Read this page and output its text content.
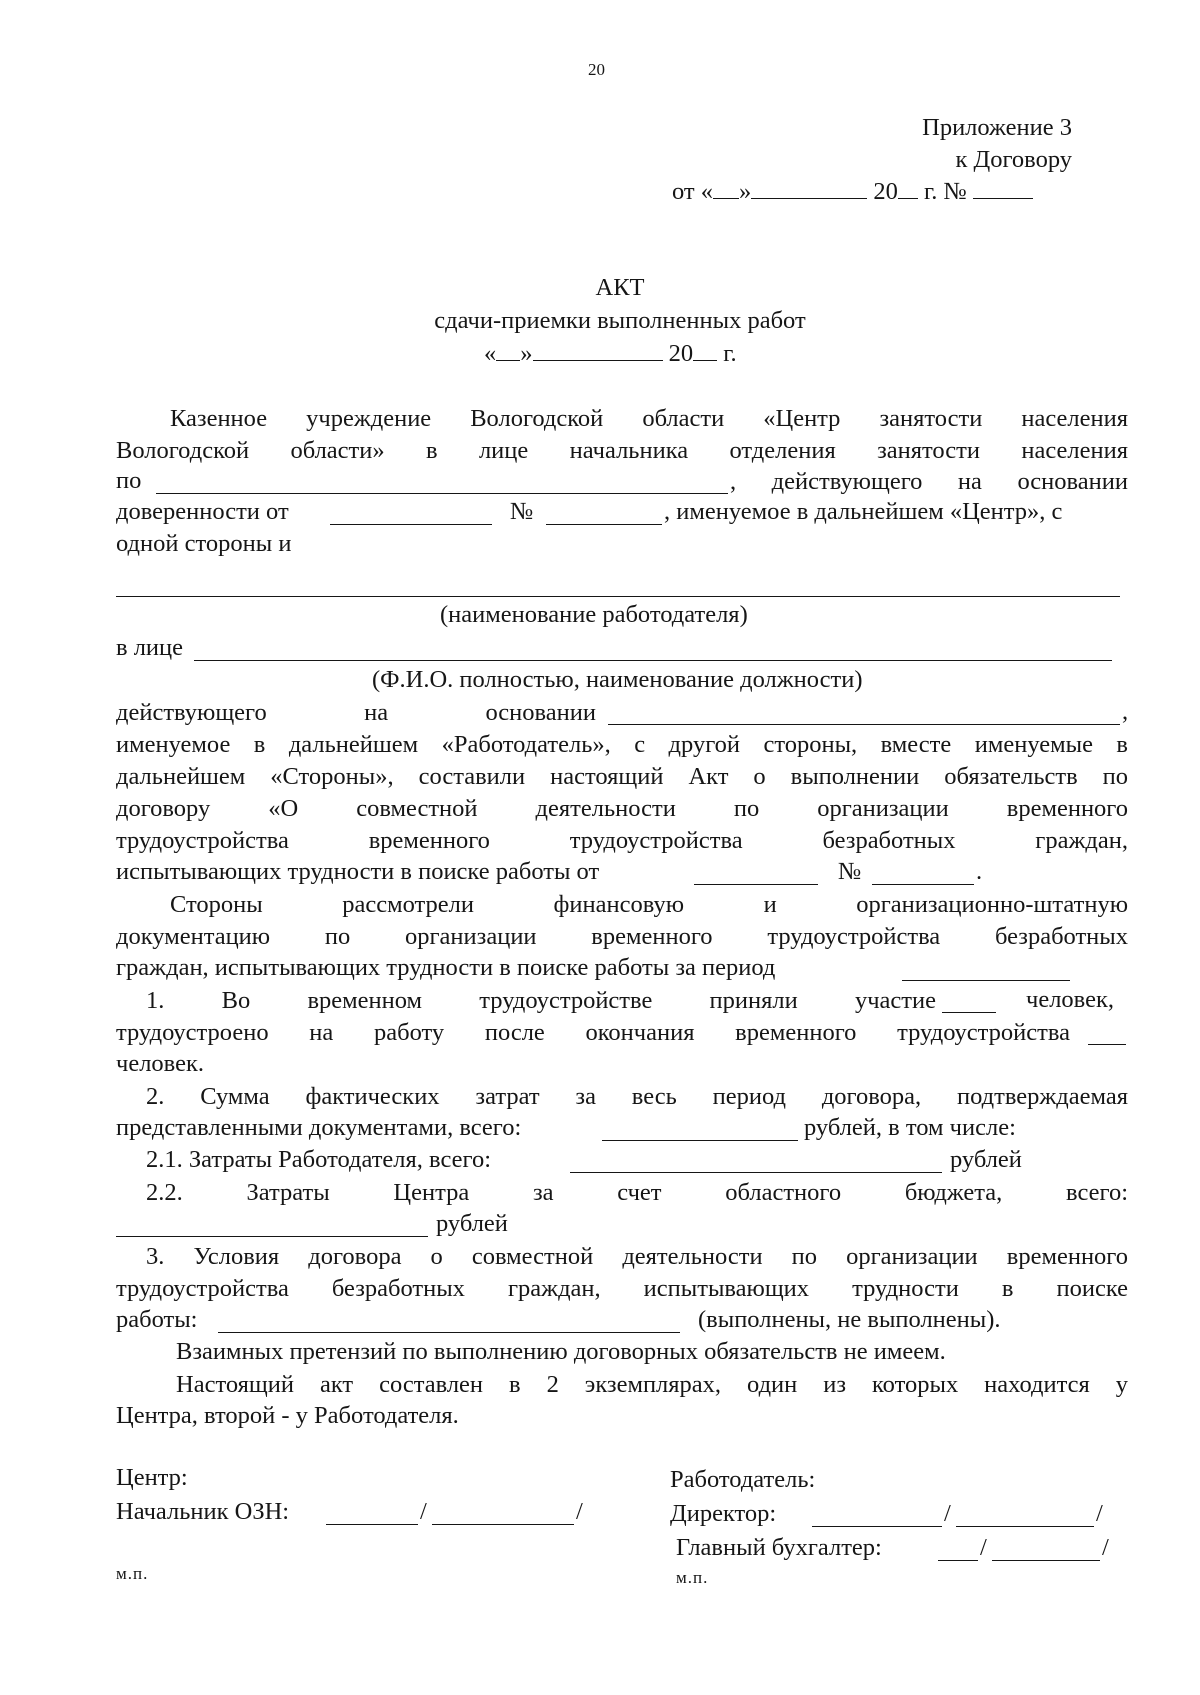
20
Приложение 3
к Договору
от « »	20 г. №
АКТ
сдачи-приемки выполненных работ
« »	20 г.
Казенное учреждение Вологодской области «Центр занятости населения
Вологодской области» в лице начальника отделения занятости населения
по	, действующего на основании
доверенности от	№	, именуемое в дальнейшем «Центр», с
одной стороны и
(наименование работодателя)
в лице
(Ф.И.О. полностью, наименование должности)
действующего на основании	,
именуемое в дальнейшем «Работодатель», с другой стороны, вместе именуемые в
дальнейшем «Стороны», составили настоящий Акт о выполнении обязательств по
договору «О совместной деятельности по организации временного
трудоустройства временного трудоустройства безработных граждан,
испытывающих трудности в поиске работы от	№	.
Стороны рассмотрели финансовую и организационно-штатную
документацию по организации временного трудоустройства безработных
граждан, испытывающих трудности в поиске работы за период
1. Во временном трудоустройстве приняли участие	человек,
трудоустроено на работу после окончания временного трудоустройства
человек.
2. Сумма фактических затрат за весь период договора, подтверждаемая
представленными документами, всего:	рублей, в том числе:
2.1. Затраты Работодателя, всего:	рублей
2.2. Затраты Центра за счет областного бюджета, всего:
рублей
3. Условия договора о совместной деятельности по организации временного
трудоустройства безработных граждан, испытывающих трудности в поиске
работы:	(выполнены, не выполнены).
Взаимных претензий по выполнению договорных обязательств не имеем.
Настоящий акт составлен в 2 экземплярах, один из которых находится у
Центра, второй - у Работодателя.
Центр:
Начальник ОЗН:	/	/
м.п.
Работодатель:
Директор:	/	/
Главный бухгалтер:	/	/
м.п.
